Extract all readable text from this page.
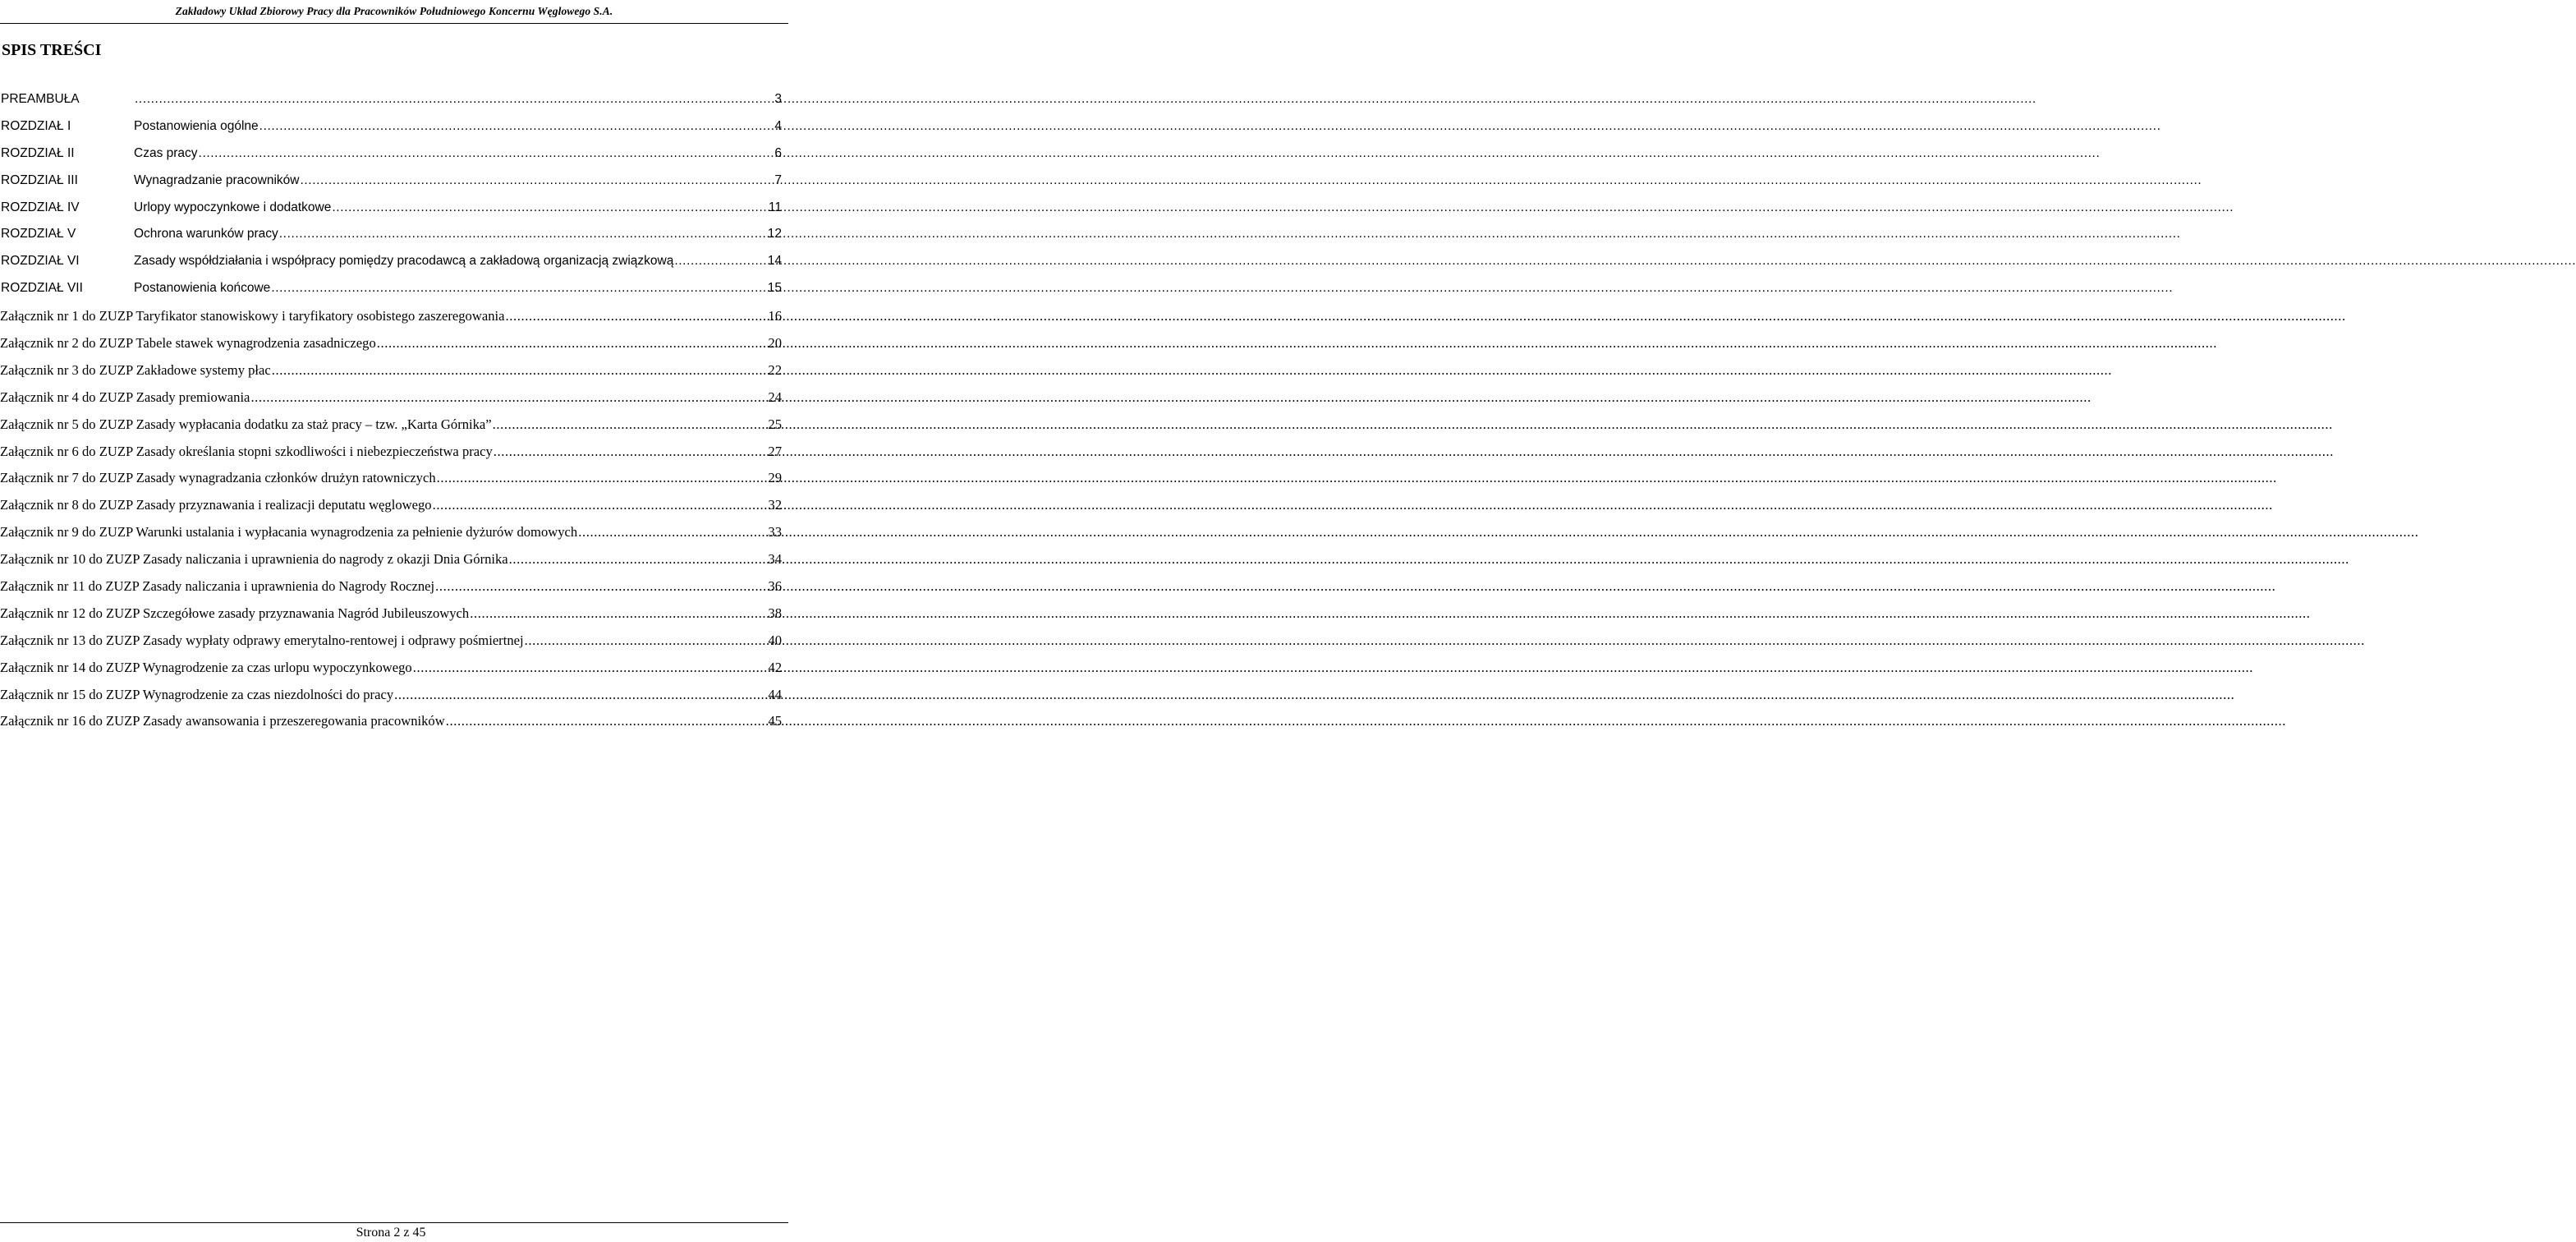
Zakładowy Układ Zbiorowy Pracy dla Pracowników Południowego Koncernu Węglowego S.A.
SPIS TREŚCI
PREAMBUŁA .....	3
ROZDZIAŁ I	Postanowienia ogólne .....	4
ROZDZIAŁ II	Czas pracy .....	6
ROZDZIAŁ III	Wynagradzanie pracowników .....	7
ROZDZIAŁ IV	Urlopy wypoczynkowe i dodatkowe .....	11
ROZDZIAŁ V	Ochrona warunków pracy .....	12
ROZDZIAŁ VI	Zasady współdziałania i współpracy pomiędzy pracodawcą a zakładową organizacją związkową .....	14
ROZDZIAŁ VII	Postanowienia końcowe .....	15
Załącznik nr 1 do ZUZP Taryfikator stanowiskowy i taryfikatory osobistego zaszeregowania .....	16
Załącznik nr 2 do ZUZP Tabele stawek wynagrodzenia zasadniczego .....	20
Załącznik nr 3 do ZUZP Zakładowe systemy płac .....	22
Załącznik nr 4 do ZUZP Zasady premiowania .....	24
Załącznik nr 5 do ZUZP Zasady wypłacania dodatku za staż pracy – tzw. „Karta Górnika” .....	25
Załącznik nr 6 do ZUZP Zasady określania stopni szkodliwości i niebezpieczeństwa pracy .....	27
Załącznik nr 7 do ZUZP Zasady wynagradzania członków drużyn ratowniczych .....	29
Załącznik nr 8 do ZUZP Zasady przyznawania i realizacji deputatu węglowego .....	32
Załącznik nr 9 do ZUZP Warunki ustalania i wypłacania wynagrodzenia za pełnienie dyżurów domowych .....	33
Załącznik nr 10 do ZUZP Zasady naliczania i uprawnienia do nagrody z okazji Dnia Górnika .....	34
Załącznik nr 11 do ZUZP Zasady naliczania i uprawnienia do Nagrody Rocznej .....	36
Załącznik nr 12 do ZUZP Szczegółowe zasady przyznawania Nagród Jubileuszowych .....	38
Załącznik nr 13 do ZUZP Zasady wypłaty odprawy emerytalno-rentowej i odprawy pośmiertnej .....	40
Załącznik nr 14 do ZUZP Wynagrodzenie za czas urlopu wypoczynkowego .....	42
Załącznik nr 15 do ZUZP Wynagrodzenie za czas niezdolności do pracy .....	44
Załącznik nr 16 do ZUZP Zasady awansowania i przeszeregowania pracowników .....	45
Strona 2 z 45
